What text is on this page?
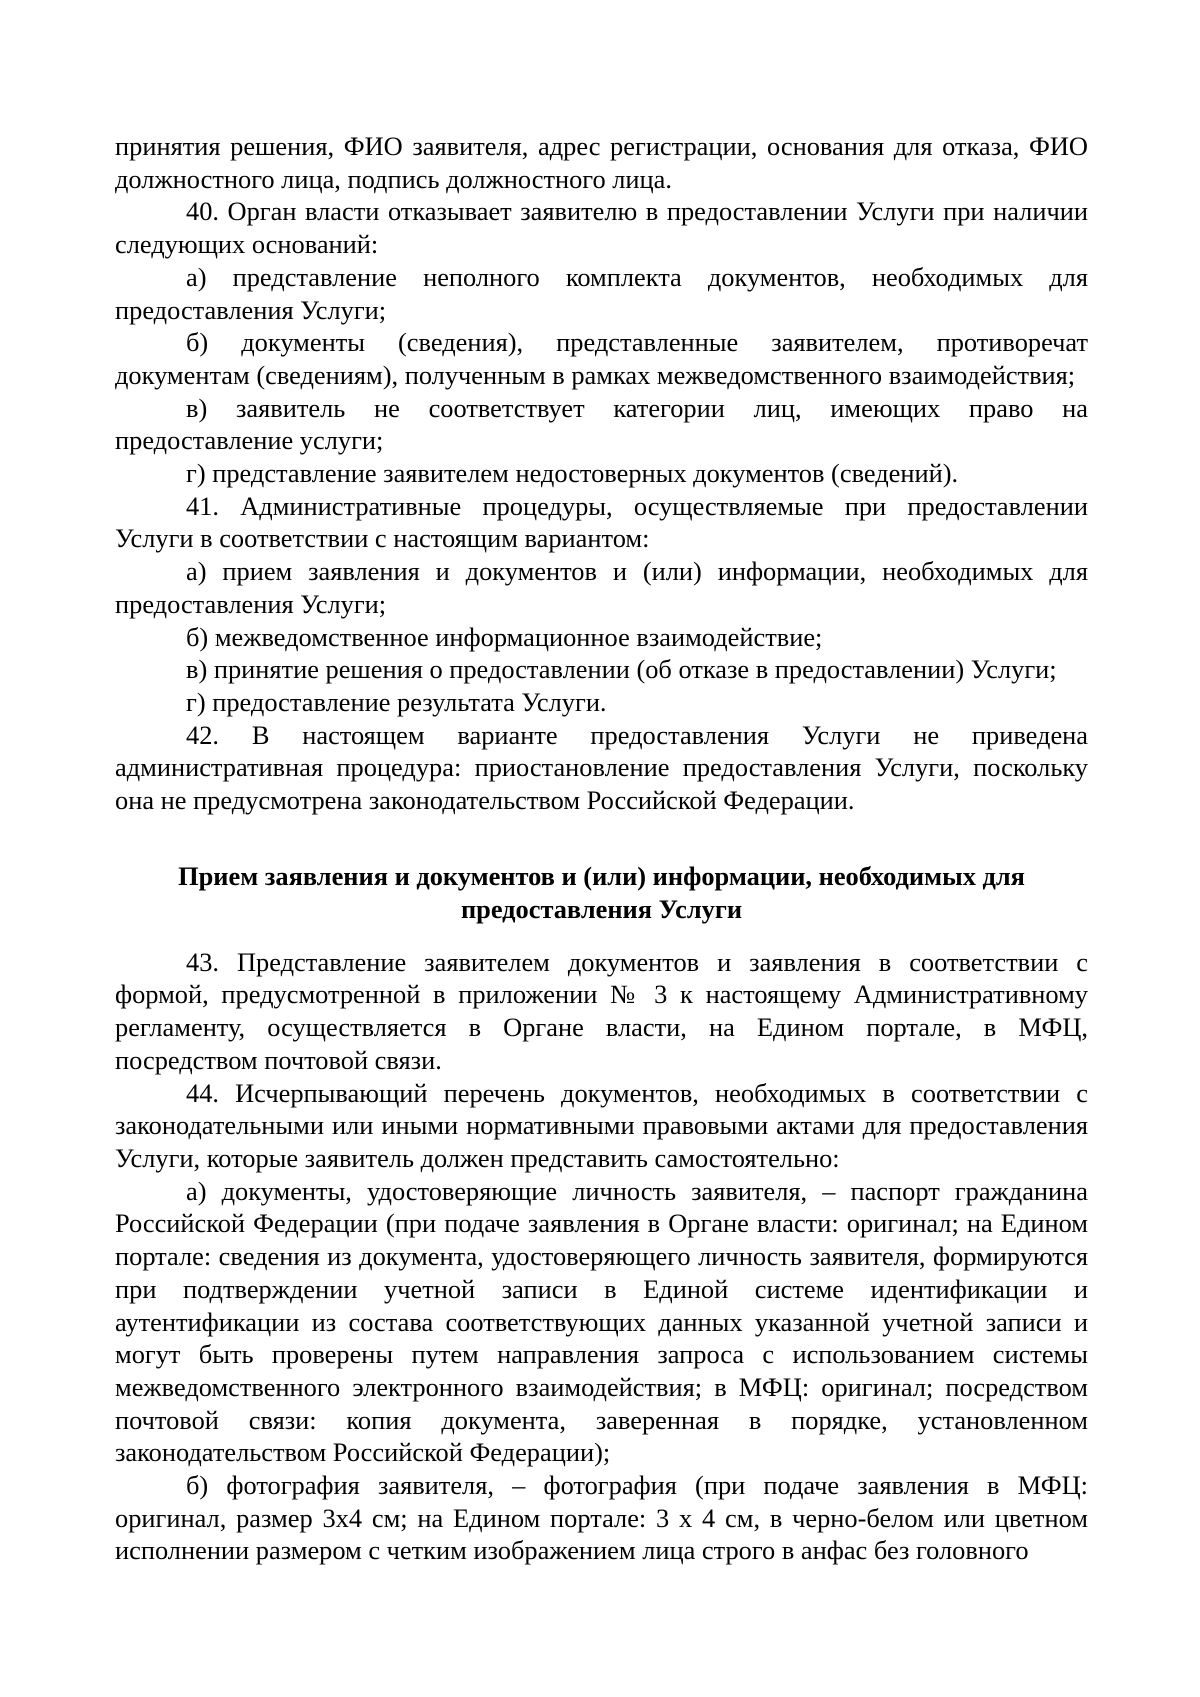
принятия решения, ФИО заявителя, адрес регистрации, основания для отказа, ФИО должностного лица, подпись должностного лица.

40. Орган власти отказывает заявителю в предоставлении Услуги при наличии следующих оснований:

а) представление неполного комплекта документов, необходимых для предоставления Услуги;

б) документы (сведения), представленные заявителем, противоречат документам (сведениям), полученным в рамках межведомственного взаимодействия;

в) заявитель не соответствует категории лиц, имеющих право на предоставление услуги;

г) представление заявителем недостоверных документов (сведений).

41. Административные процедуры, осуществляемые при предоставлении Услуги в соответствии с настоящим вариантом:

а) прием заявления и документов и (или) информации, необходимых для предоставления Услуги;

б) межведомственное информационное взаимодействие;

в) принятие решения о предоставлении (об отказе в предоставлении) Услуги;

г) предоставление результата Услуги.

42. В настоящем варианте предоставления Услуги не приведена административная процедура: приостановление предоставления Услуги, поскольку она не предусмотрена законодательством Российской Федерации.

Прием заявления и документов и (или) информации, необходимых для предоставления Услуги

43. Представление заявителем документов и заявления в соответствии с формой, предусмотренной в приложении № 3 к настоящему Административному регламенту, осуществляется в Органе власти, на Едином портале, в МФЦ, посредством почтовой связи.

44. Исчерпывающий перечень документов, необходимых в соответствии с законодательными или иными нормативными правовыми актами для предоставления Услуги, которые заявитель должен представить самостоятельно:

а) документы, удостоверяющие личность заявителя, – паспорт гражданина Российской Федерации (при подаче заявления в Органе власти: оригинал; на Едином портале: сведения из документа, удостоверяющего личность заявителя, формируются при подтверждении учетной записи в Единой системе идентификации и аутентификации из состава соответствующих данных указанной учетной записи и могут быть проверены путем направления запроса с использованием системы межведомственного электронного взаимодействия; в МФЦ: оригинал; посредством почтовой связи: копия документа, заверенная в порядке, установленном законодательством Российской Федерации);

б) фотография заявителя, – фотография (при подаче заявления в МФЦ: оригинал, размер 3x4 см; на Едином портале: 3 x 4 см, в черно-белом или цветном исполнении размером с четким изображением лица строго в анфас без головного
